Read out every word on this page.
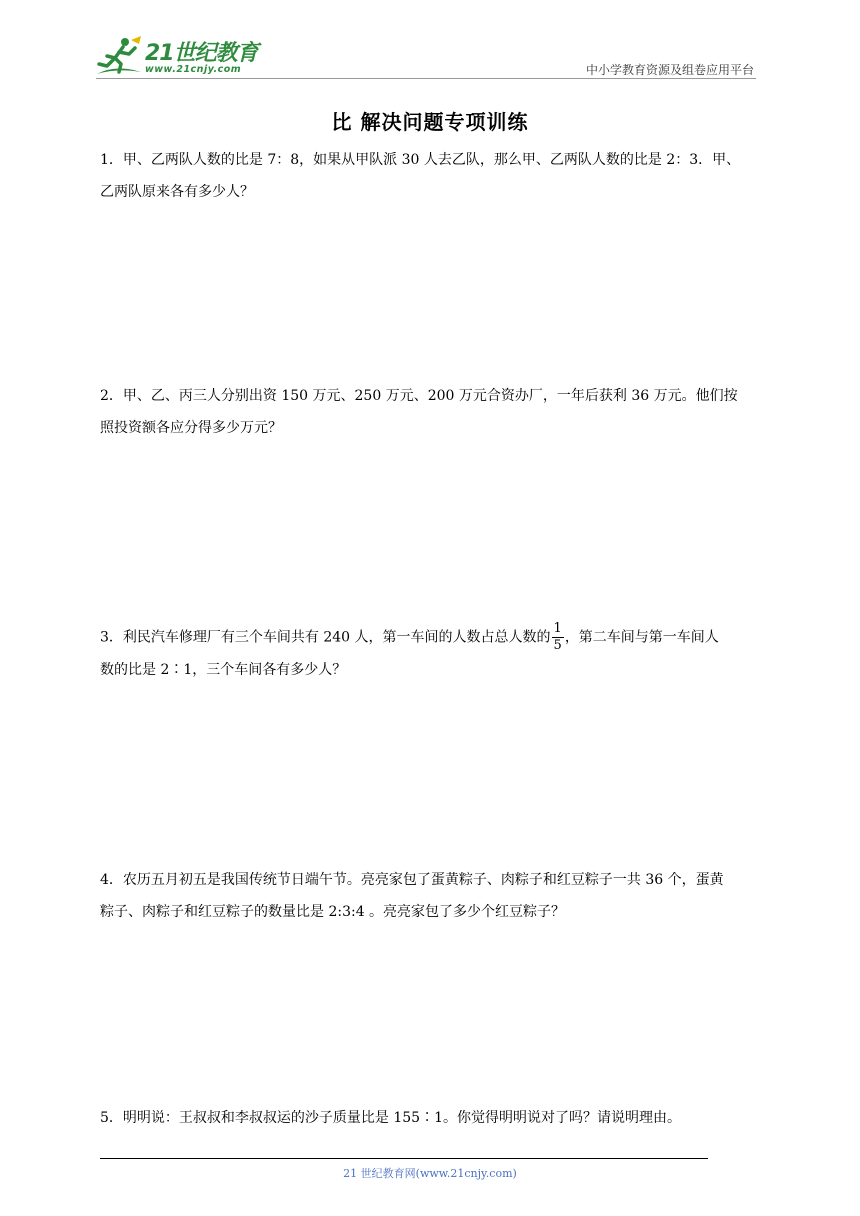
21世纪教育
www.21cnjy.com	中小学教育资源及组卷应用平台
比 解决问题专项训练

1．甲、乙两队人数的比是 7：8，如果从甲队派 30 人去乙队，那么甲、乙两队人数的比是 2：3．甲、

乙两队原来各有多少人？

2．甲、乙、丙三人分别出资 150 万元、250 万元、200 万元合资办厂，一年后获利 36 万元。他们按

照投资额各应分得多少万元？

3．利民汽车修理厂有三个车间共有 240 人，第一车间的人数占总人数的 $\frac{1}{5}$ ，第二车间与第一车间人

数的比是 2∶1，三个车间各有多少人？

4．农历五月初五是我国传统节日端午节。亮亮家包了蛋黄粽子、肉粽子和红豆粽子一共 36 个，蛋黄

粽子、肉粽子和红豆粽子的数量比是 2:3:4 。亮亮家包了多少个红豆粽子？

5．明明说：王叔叔和李叔叔运的沙子质量比是 155∶1。你觉得明明说对了吗？请说明理由。

21 世纪教育网(www.21cnjy.com)
